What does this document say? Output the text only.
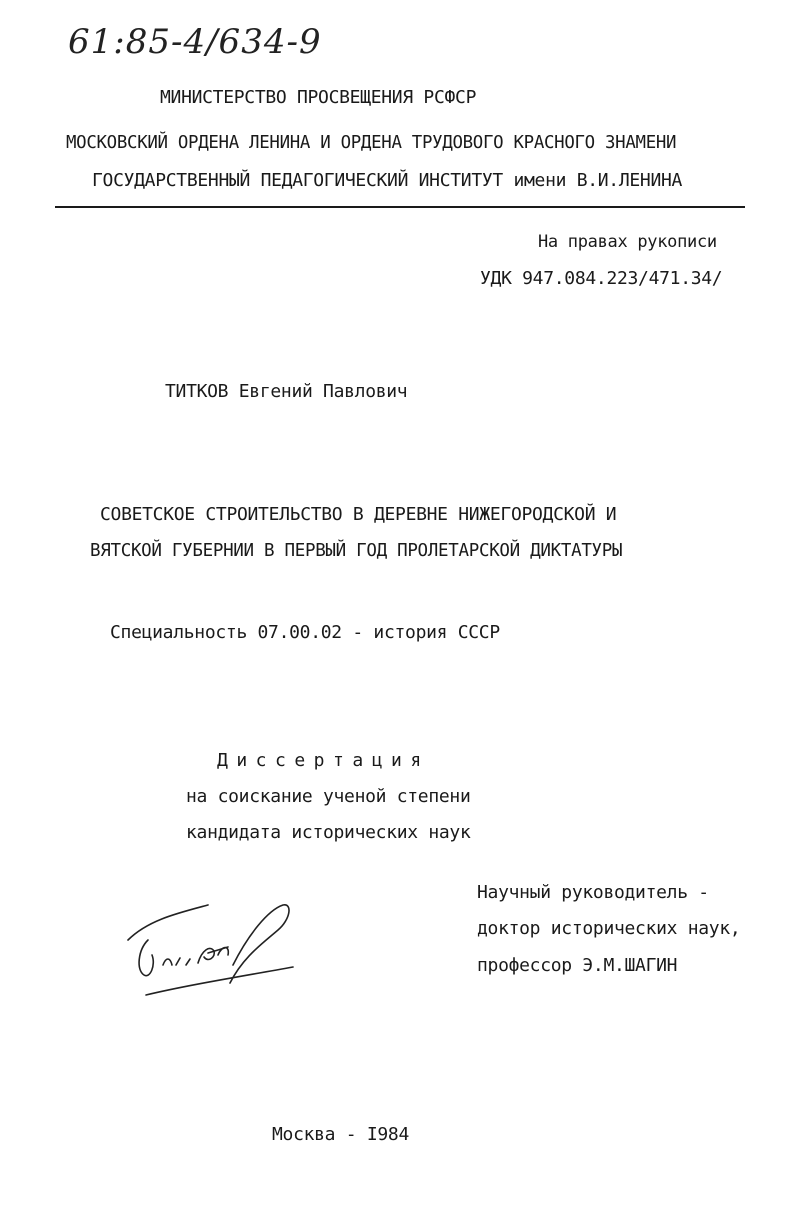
61:85-4/634-9
МИНИСТЕРСТВО ПРОСВЕЩЕНИЯ РСФСР
МОСКОВСКИЙ ОРДЕНА ЛЕНИНА И ОРДЕНА ТРУДОВОГО КРАСНОГО ЗНАМЕНИ
ГОСУДАРСТВЕННЫЙ ПЕДАГОГИЧЕСКИЙ ИНСТИТУТ имени В.И.ЛЕНИНА
На правах рукописи
УДК 947.084.223/471.34/
ТИТКОВ Евгений Павлович
СОВЕТСКОЕ СТРОИТЕЛЬСТВО В ДЕРЕВНЕ НИЖЕГОРОДСКОЙ И
ВЯТСКОЙ ГУБЕРНИИ В ПЕРВЫЙ ГОД ПРОЛЕТАРСКОЙ ДИКТАТУРЫ
Специальность 07.00.02 - история СССР
Диссертация
на соискание ученой степени
кандидата исторических наук
Научный руководитель -
доктор исторических наук,
профессор Э.М.ШАГИН
Москва - I984
